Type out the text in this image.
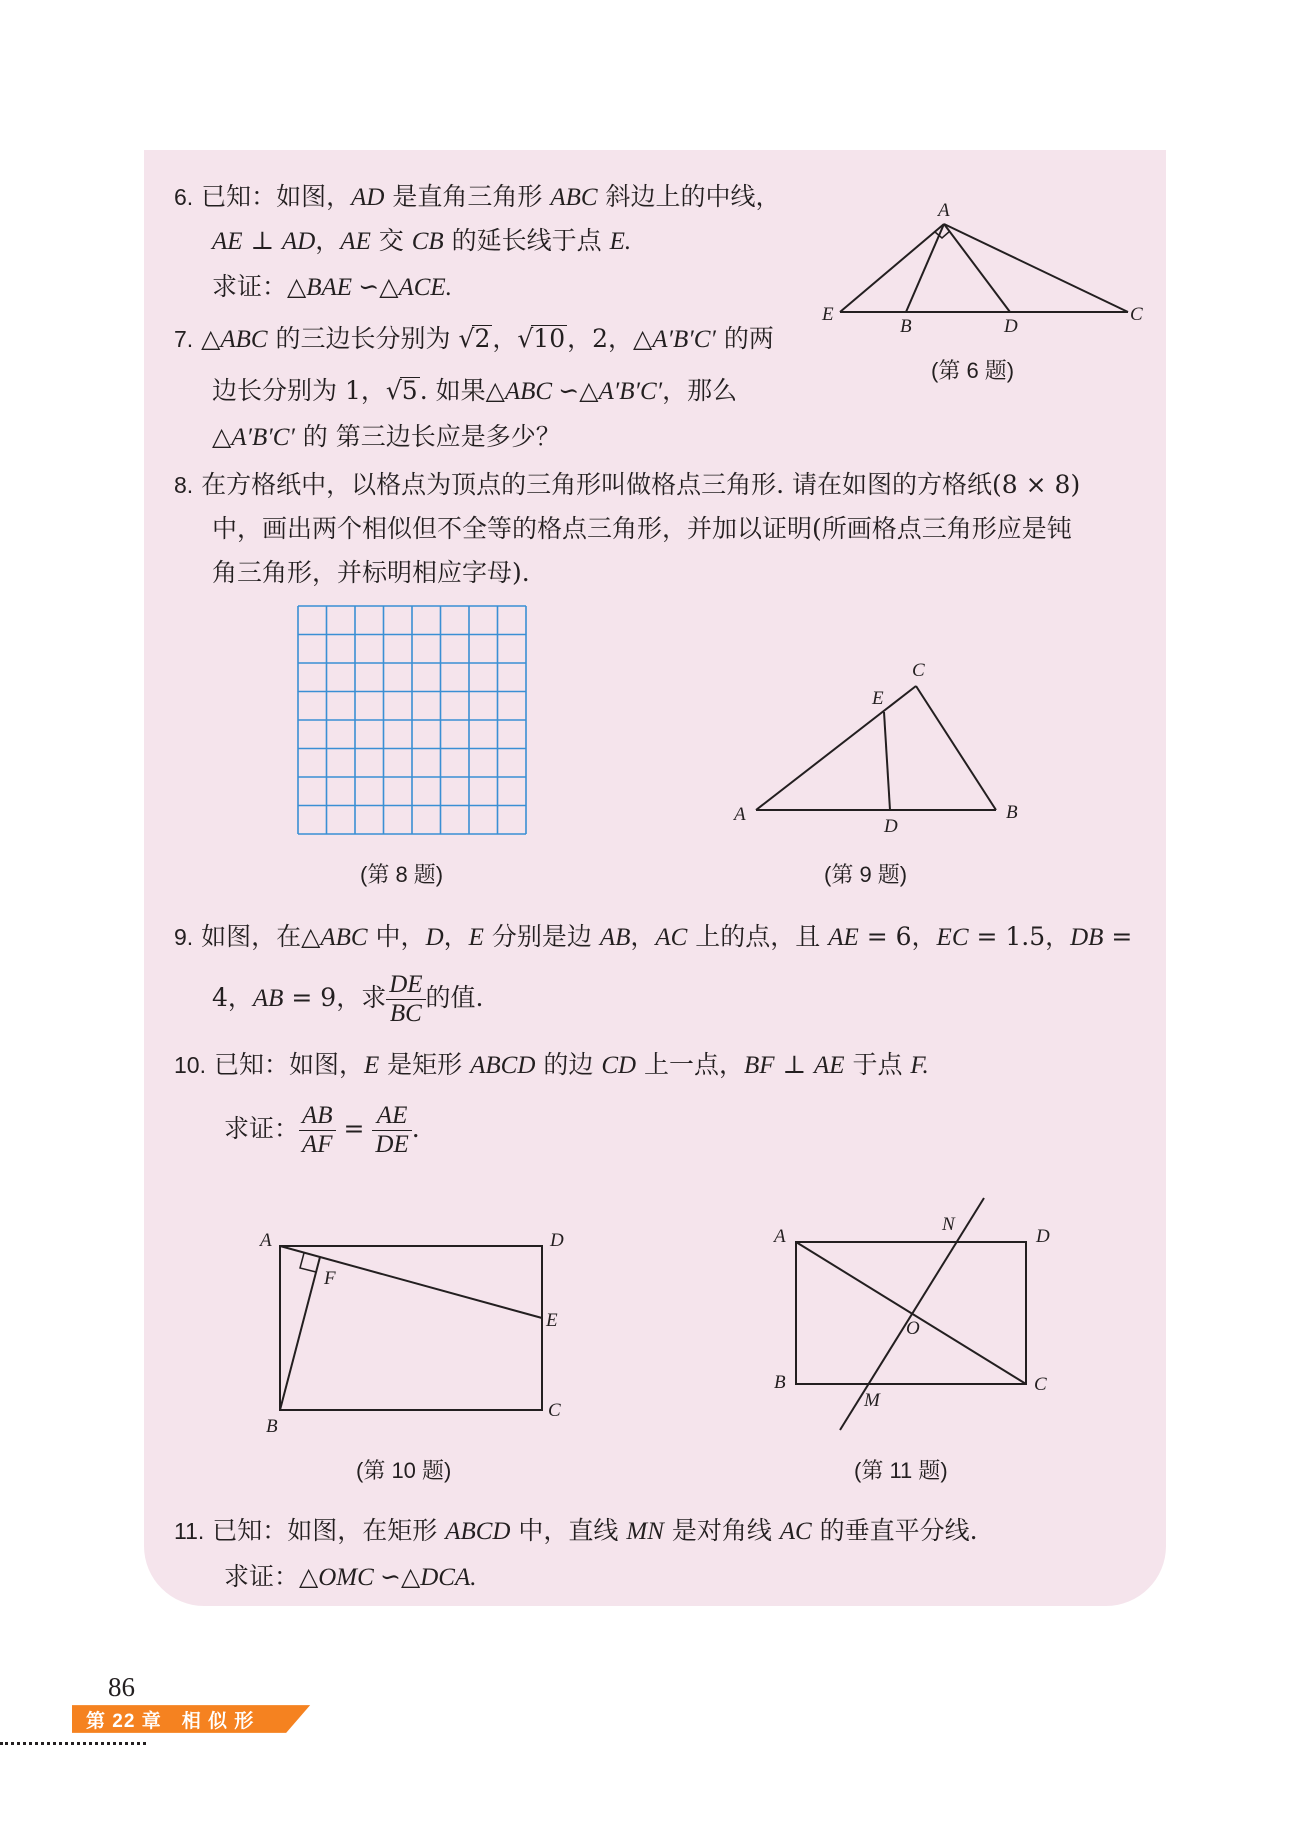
6. 已知：如图，AD 是直角三角形 ABC 斜边上的中线，
AE ⊥ AD，AE 交 CB 的延长线于点 E.
求证：△BAE ∽△ACE.
A
E
B	D
C
(第 6 题)
7. △ABC 的三边长分别为 √2，√10，2，△A′B′C′ 的两
边长分别为 1，√5. 如果△ABC ∽△A′B′C′，那么
△A′B′C′ 的 第三边长应是多少？
8. 在方格纸中，以格点为顶点的三角形叫做格点三角形. 请在如图的方格纸(8 × 8)
中，画出两个相似但不全等的格点三角形，并加以证明(所画格点三角形应是钝
角三角形，并标明相应字母).
(第 8 题)
C
E
A
D
B
(第 9 题)
9. 如图，在△ABC 中，D，E 分别是边 AB，AC 上的点，且 AE = 6，EC = 1.5，DB =
4，AB = 9，求 $\frac{DE}{BC}$ 的值.
10. 已知：如图，E 是矩形 ABCD 的边 CD 上一点，BF ⊥ AE 于点 F.
求证： $\frac{AB}{AF} = \frac{AE}{DE}$ .
A	D
F
E
B
C
(第 10 题)
A
N
D
O
B
M
C
(第 11 题)
11. 已知：如图，在矩形 ABCD 中，直线 MN 是对角线 AC 的垂直平分线.
求证：△OMC ∽△DCA.
86
第 22 章　相 似 形
